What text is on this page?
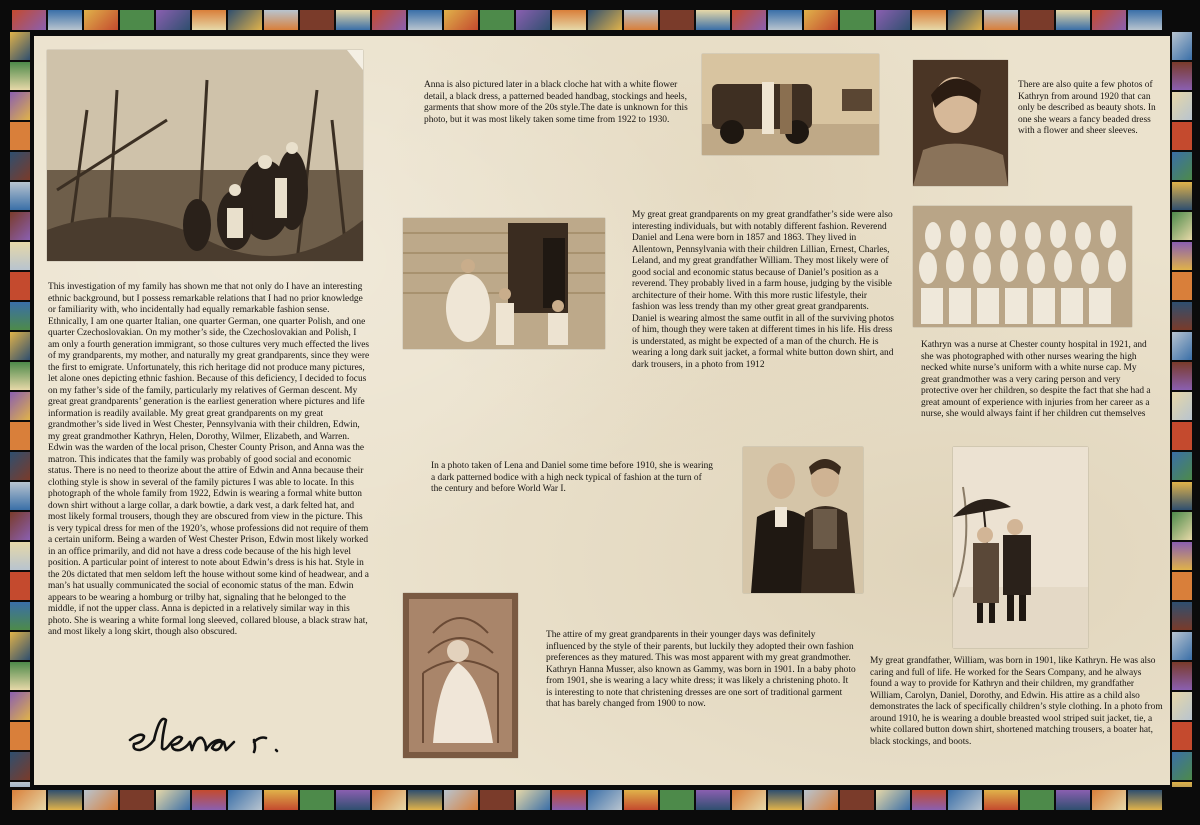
This investigation of my family has shown me that not only do I have an interesting ethnic background, but I possess remarkable relations that I had no prior knowledge or familiarity with, who incidentally had equally remarkable fashion sense. Ethnically, I am one quarter Italian, one quarter German, one quarter Polish, and one quarter Czechoslovakian. On my mother’s side, the Czechoslovakian and Polish, I am only a fourth generation immigrant, so those cultures very much effected the lives of my grandparents, my mother, and naturally my great grandparents, since they were the first to emigrate. Unfortunately, this rich heritage did not produce many pictures, let alone ones depicting ethnic fashion. Because of this deficiency, I decided to focus on my father’s side of the family, particularly my relatives of German descent. My great great grandparents’ generation is the earliest generation where pictures and life information is readily available. My great great grandparents on my great grandmother’s side lived in West Chester, Pennsylvania with their children, Edwin, my great grandmother Kathryn, Helen, Dorothy, Wilmer, Elizabeth, and Warren. Edwin was the warden of the local prison, Chester County Prison, and Anna was the matron. This indicates that the family was probably of good social and economic status. There is no need to theorize about the attire of Edwin and Anna because their clothing style is show in several of the family pictures I was able to locate. In this photograph of the whole family from 1922, Edwin is wearing a formal white button down shirt without a large collar, a dark bowtie, a dark vest, a dark felted hat, and most likely formal trousers, though they are obscured from view in the picture. This is very typical dress for men of the 1920’s, whose professions did not require of them a certain uniform. Being a warden of West Chester Prison, Edwin most likely worked in an office primarily, and did not have a dress code because of the his high level position. A particular point of interest to note about Edwin’s dress is his hat. Style in the 20s dictated that men seldom left the house without some kind of headwear, and a man’s hat usually communicated the social of economic status of the man. Edwin appears to be wearing a homburg or trilby hat, signaling that he belonged to the middle, if not the upper class. Anna is depicted in a relatively similar way in this photo. She is wearing a white formal long sleeved, collared blouse, a black straw hat, and most likely a long skirt, though also obscured.

Anna is also pictured later in a black cloche hat with a white flower detail, a black dress, a patterned beaded handbag, stockings and heels, garments that show more of the 20s style.The date is unknown for this photo, but it was most likely taken some time from 1922 to 1930.

There are also quite a few photos of Kathryn from around 1920 that can only be described as beauty shots. In one she wears a fancy beaded dress with a flower and sheer sleeves.

My great great grandparents on my great grandfather’s side were also interesting individuals, but with notably different fashion. Reverend Daniel and Lena were born in 1857 and 1863. They lived in Allentown, Pennsylvania with their children Lillian, Ernest, Charles, Leland, and my great grandfather William. They most likely were of good social and economic status because of Daniel’s position as a reverend. They probably lived in a farm house, judging by the visible architecture of their home. With this more rustic lifestyle, their fashion was less trendy than my other great great grandparents. Daniel is wearing almost the same outfit in all of the surviving photos of him, though they were taken at different times in his life. His dress is understated, as might be expected of a man of the church. He is wearing a long dark suit jacket, a formal white button down shirt, and dark trousers, in a photo from 1912

Kathryn was a nurse at Chester county hospital in 1921, and she was photographed with other nurses wearing the high necked white nurse’s uniform with a white nurse cap. My great grandmother was a very caring person and very protective over her children, so despite the fact that she had a great amount of experience with injuries from her career as a nurse, she would always faint if her children cut themselves

In a photo taken of Lena and Daniel some time before 1910, she is wearing a dark patterned bodice with a high neck typical of fashion at the turn of the century and before World War I.

The attire of my great grandparents in their younger days was definitely influenced by the style of their parents, but luckily they adopted their own fashion preferences as they matured. This was most apparent with my great grandmother. Kathryn Hanna Musser, also known as Gammy, was born in 1901. In a baby photo from 1901, she is wearing a lacy white dress; it was likely a christening photo. It is interesting to note that christening dresses are one sort of traditional garment that has barely changed from 1900 to now.

My great grandfather, William, was born in 1901, like Kathryn. He was also caring and full of life. He worked for the Sears Company, and he always found a way to provide for Kathryn and their children, my grandfather William, Carolyn, Daniel, Dorothy, and Edwin. His attire as a child also demonstrates the lack of specifically children’s style clothing. In a photo from around 1910, he is wearing a double breasted wool striped suit jacket, tie, a white collared button down shirt, shortened matching trousers, a boater hat, black stockings, and boots.
